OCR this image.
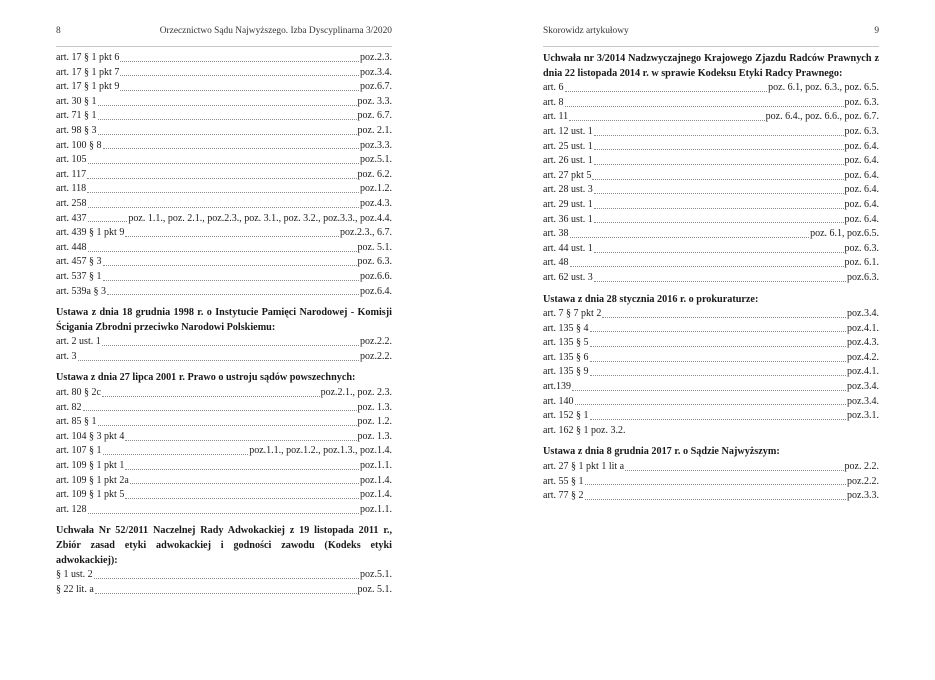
8	Orzecznictwo Sądu Najwyższego. Izba Dyscyplinarna 3/2020
art. 17 § 1 pkt 6	poz.2.3.
art. 17 § 1 pkt 7	poz.3.4.
art. 17 § 1 pkt 9	poz.6.7.
art. 30 § 1	poz. 3.3.
art. 71 § 1	poz. 6.7.
art. 98 § 3	poz. 2.1.
art. 100 § 8	poz.3.3.
art. 105	poz.5.1.
art. 117	poz. 6.2.
art. 118	poz.1.2.
art. 258	poz.4.3.
art. 437	poz. 1.1., poz. 2.1., poz.2.3., poz. 3.1., poz. 3.2., poz.3.3., poz.4.4.
art. 439 § 1 pkt 9	poz.2.3., 6.7.
art. 448	poz. 5.1.
art. 457 § 3	poz. 6.3.
art. 537 § 1	poz.6.6.
art. 539a § 3	poz.6.4.
Ustawa z dnia 18 grudnia 1998 r. o Instytucie Pamięci Narodowej - Komisji Ścigania Zbrodni przeciwko Narodowi Polskiemu:
art. 2 ust. 1	poz.2.2.
art. 3	poz.2.2.
Ustawa z dnia 27 lipca 2001 r. Prawo o ustroju sądów powszechnych:
art. 80 § 2c	poz.2.1., poz. 2.3.
art. 82	poz. 1.3.
art. 85 § 1	poz. 1.2.
art. 104 § 3 pkt 4	poz. 1.3.
art. 107 § 1	poz.1.1., poz.1.2., poz.1.3., poz.1.4.
art. 109 § 1 pkt 1	poz.1.1.
art. 109 § 1 pkt 2a	poz.1.4.
art. 109 § 1 pkt 5	poz.1.4.
art. 128	poz.1.1.
Uchwała Nr 52/2011 Naczelnej Rady Adwokackiej z 19 listopada 2011 r., Zbiór zasad etyki adwokackiej i godności zawodu (Kodeks etyki adwokackiej):
§ 1 ust. 2	poz.5.1.
§ 22 lit. a	poz. 5.1.
Skorowidz artykułowy	9
Uchwała nr 3/2014 Nadzwyczajnego Krajowego Zjazdu Radców Prawnych z dnia 22 listopada 2014 r. w sprawie Kodeksu Etyki Radcy Prawnego:
art. 6	poz. 6.1, poz. 6.3., poz. 6.5.
art. 8	poz. 6.3.
art. 11	poz. 6.4., poz. 6.6., poz. 6.7.
art. 12 ust. 1	poz. 6.3.
art. 25 ust. 1	poz. 6.4.
art. 26 ust. 1	poz. 6.4.
art. 27 pkt 5	poz. 6.4.
art. 28 ust. 3	poz. 6.4.
art. 29 ust. 1	poz. 6.4.
art. 36 ust. 1	poz. 6.4.
art. 38	poz. 6.1, poz.6.5.
art. 44 ust. 1	poz. 6.3.
art. 48	poz. 6.1.
art. 62 ust. 3	poz.6.3.
Ustawa z dnia 28 stycznia 2016 r. o prokuraturze:
art. 7 § 7 pkt 2	poz.3.4.
art. 135 § 4	poz.4.1.
art. 135 § 5	poz.4.3.
art. 135 § 6	poz.4.2.
art. 135 § 9	poz.4.1.
art.139	poz.3.4.
art. 140	poz.3.4.
art. 152 § 1	poz.3.1.
art. 162 § 1 poz. 3.2.
Ustawa z dnia 8 grudnia 2017 r. o Sądzie Najwyższym:
art. 27 § 1 pkt 1 lit a	poz. 2.2.
art. 55 § 1	poz.2.2.
art. 77 § 2	poz.3.3.
